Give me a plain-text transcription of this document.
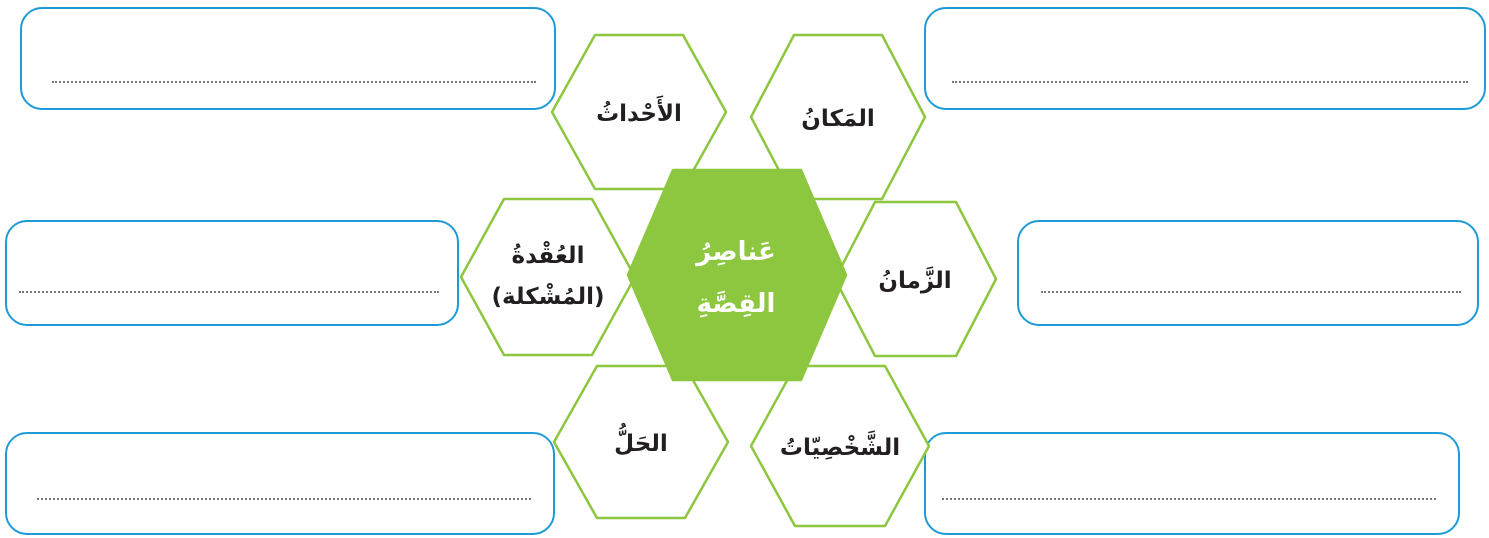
الأَحْداثُ	المَكانُ
العُقْدةُ
(المُشْكلة)
الزَّمانُ
الحَلُّ	الشَّخْصِيّاتُ
عَناصِرُ
القِصَّةِ
